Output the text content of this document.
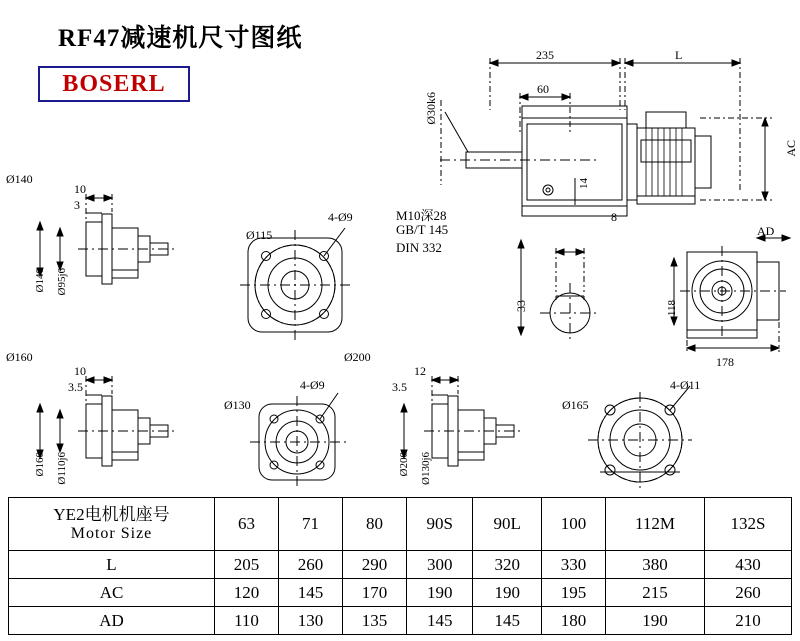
RF47减速机尺寸图纸
BOSERL
235	L
60
Ø30k6
AC
14
M10深28
GB/T 145
DIN 332
8
33	118
178
AD
Ø140
Ø140 Ø95j6
10
3
Ø115
4-Ø9
Ø160
Ø160 Ø110j6
10
3.5
Ø130
4-Ø9
Ø200
Ø200 Ø130j6
12
3.5
Ø165
4-Ø11
YE2电机机座号
Motor Size	63	71	80	90S	90L	100	112M	132S
L	205	260	290	300	320	330	380	430
AC	120	145	170	190	190	195	215	260
AD	110	130	135	145	145	180	190	210
